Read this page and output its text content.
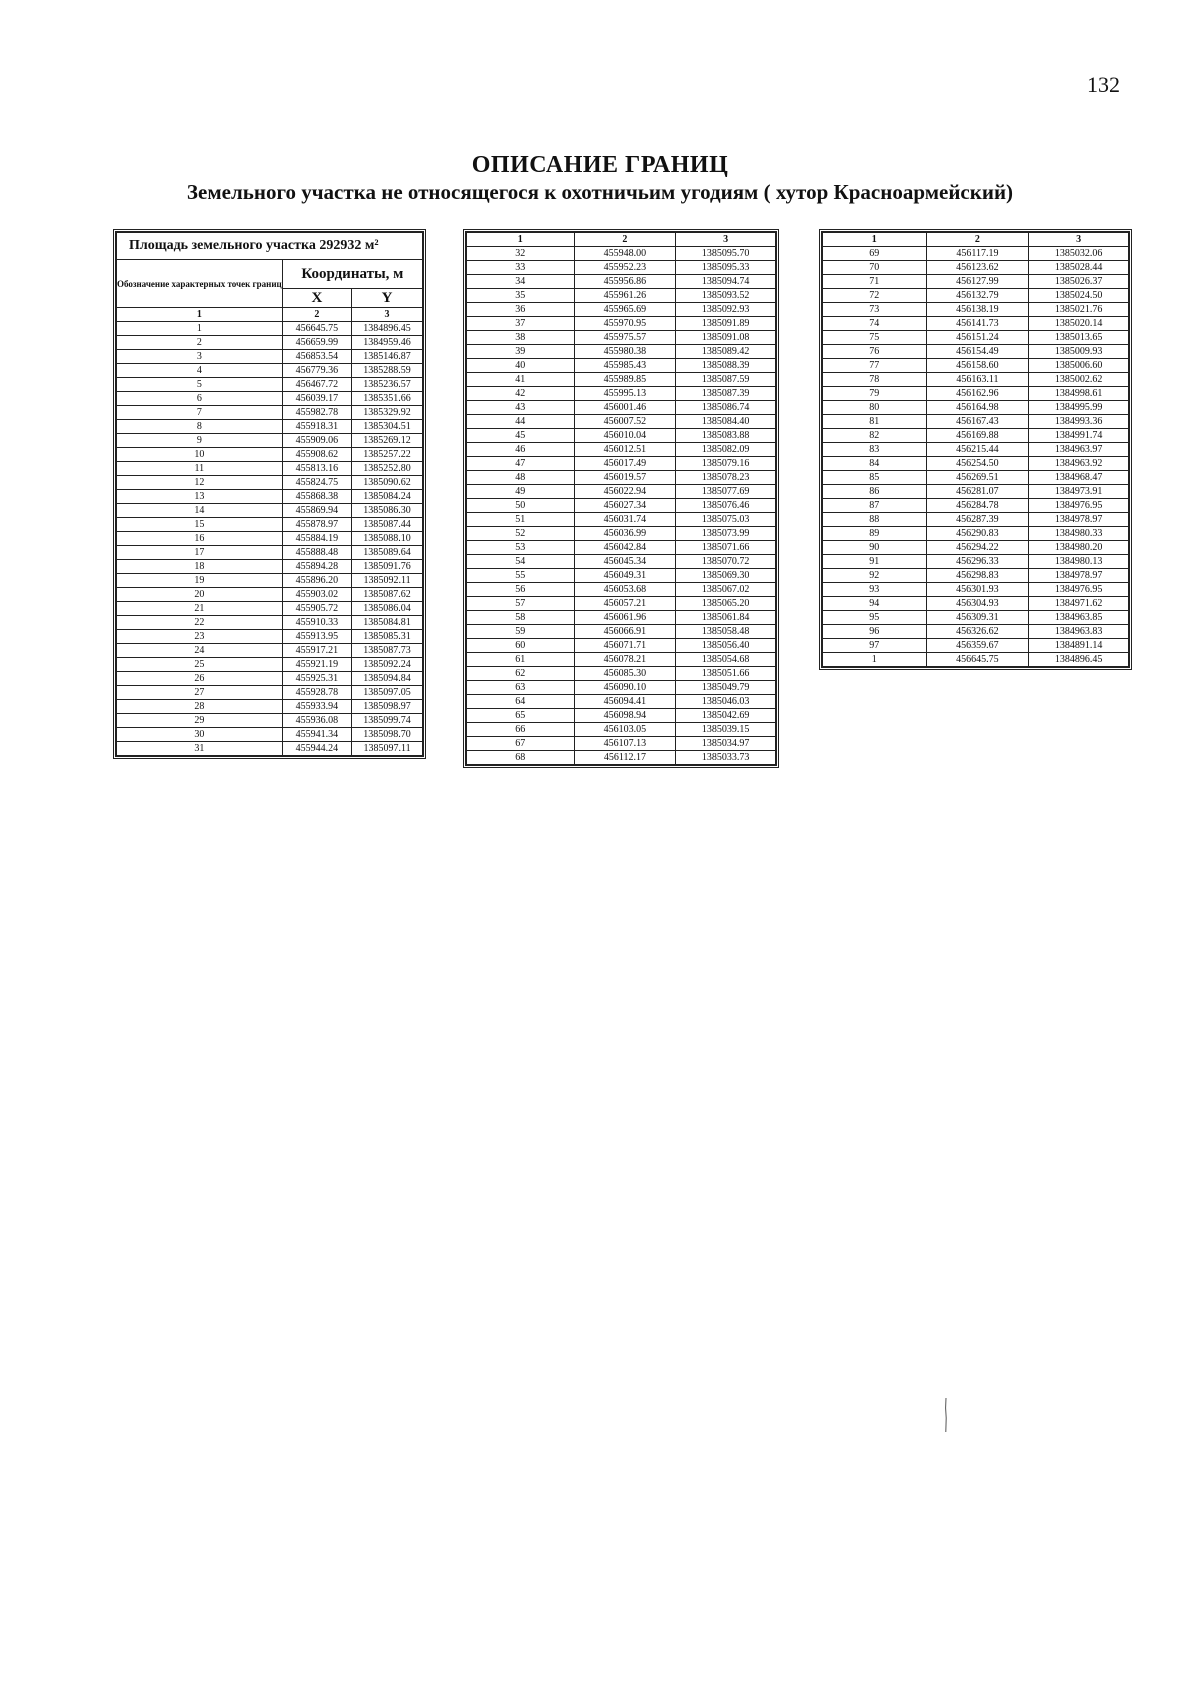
132
ОПИСАНИЕ ГРАНИЦ
Земельного участка не относящегося к охотничьим угодиям ( хутор Красноармейский)
Площадь земельного участка 292932 м²		
Обозначение характерных точек границ	Координаты, м	
	X	Y
1	2	3
1	456645.75	1384896.45
2	456659.99	1384959.46
3	456853.54	1385146.87
4	456779.36	1385288.59
5	456467.72	1385236.57
6	456039.17	1385351.66
7	455982.78	1385329.92
8	455918.31	1385304.51
9	455909.06	1385269.12
10	455908.62	1385257.22
11	455813.16	1385252.80
12	455824.75	1385090.62
13	455868.38	1385084.24
14	455869.94	1385086.30
15	455878.97	1385087.44
16	455884.19	1385088.10
17	455888.48	1385089.64
18	455894.28	1385091.76
19	455896.20	1385092.11
20	455903.02	1385087.62
21	455905.72	1385086.04
22	455910.33	1385084.81
23	455913.95	1385085.31
24	455917.21	1385087.73
25	455921.19	1385092.24
26	455925.31	1385094.84
27	455928.78	1385097.05
28	455933.94	1385098.97
29	455936.08	1385099.74
30	455941.34	1385098.70
31	455944.24	1385097.11
1	2	3
32	455948.00	1385095.70
33	455952.23	1385095.33
34	455956.86	1385094.74
35	455961.26	1385093.52
36	455965.69	1385092.93
37	455970.95	1385091.89
38	455975.57	1385091.08
39	455980.38	1385089.42
40	455985.43	1385088.39
41	455989.85	1385087.59
42	455995.13	1385087.39
43	456001.46	1385086.74
44	456007.52	1385084.40
45	456010.04	1385083.88
46	456012.51	1385082.09
47	456017.49	1385079.16
48	456019.57	1385078.23
49	456022.94	1385077.69
50	456027.34	1385076.46
51	456031.74	1385075.03
52	456036.99	1385073.99
53	456042.84	1385071.66
54	456045.34	1385070.72
55	456049.31	1385069.30
56	456053.68	1385067.02
57	456057.21	1385065.20
58	456061.96	1385061.84
59	456066.91	1385058.48
60	456071.71	1385056.40
61	456078.21	1385054.68
62	456085.30	1385051.66
63	456090.10	1385049.79
64	456094.41	1385046.03
65	456098.94	1385042.69
66	456103.05	1385039.15
67	456107.13	1385034.97
68	456112.17	1385033.73
1	2	3
69	456117.19	1385032.06
70	456123.62	1385028.44
71	456127.99	1385026.37
72	456132.79	1385024.50
73	456138.19	1385021.76
74	456141.73	1385020.14
75	456151.24	1385013.65
76	456154.49	1385009.93
77	456158.60	1385006.60
78	456163.11	1385002.62
79	456162.96	1384998.61
80	456164.98	1384995.99
81	456167.43	1384993.36
82	456169.88	1384991.74
83	456215.44	1384963.97
84	456254.50	1384963.92
85	456269.51	1384968.47
86	456281.07	1384973.91
87	456284.78	1384976.95
88	456287.39	1384978.97
89	456290.83	1384980.33
90	456294.22	1384980.20
91	456296.33	1384980.13
92	456298.83	1384978.97
93	456301.93	1384976.95
94	456304.93	1384971.62
95	456309.31	1384963.85
96	456326.62	1384963.83
97	456359.67	1384891.14
1	456645.75	1384896.45
